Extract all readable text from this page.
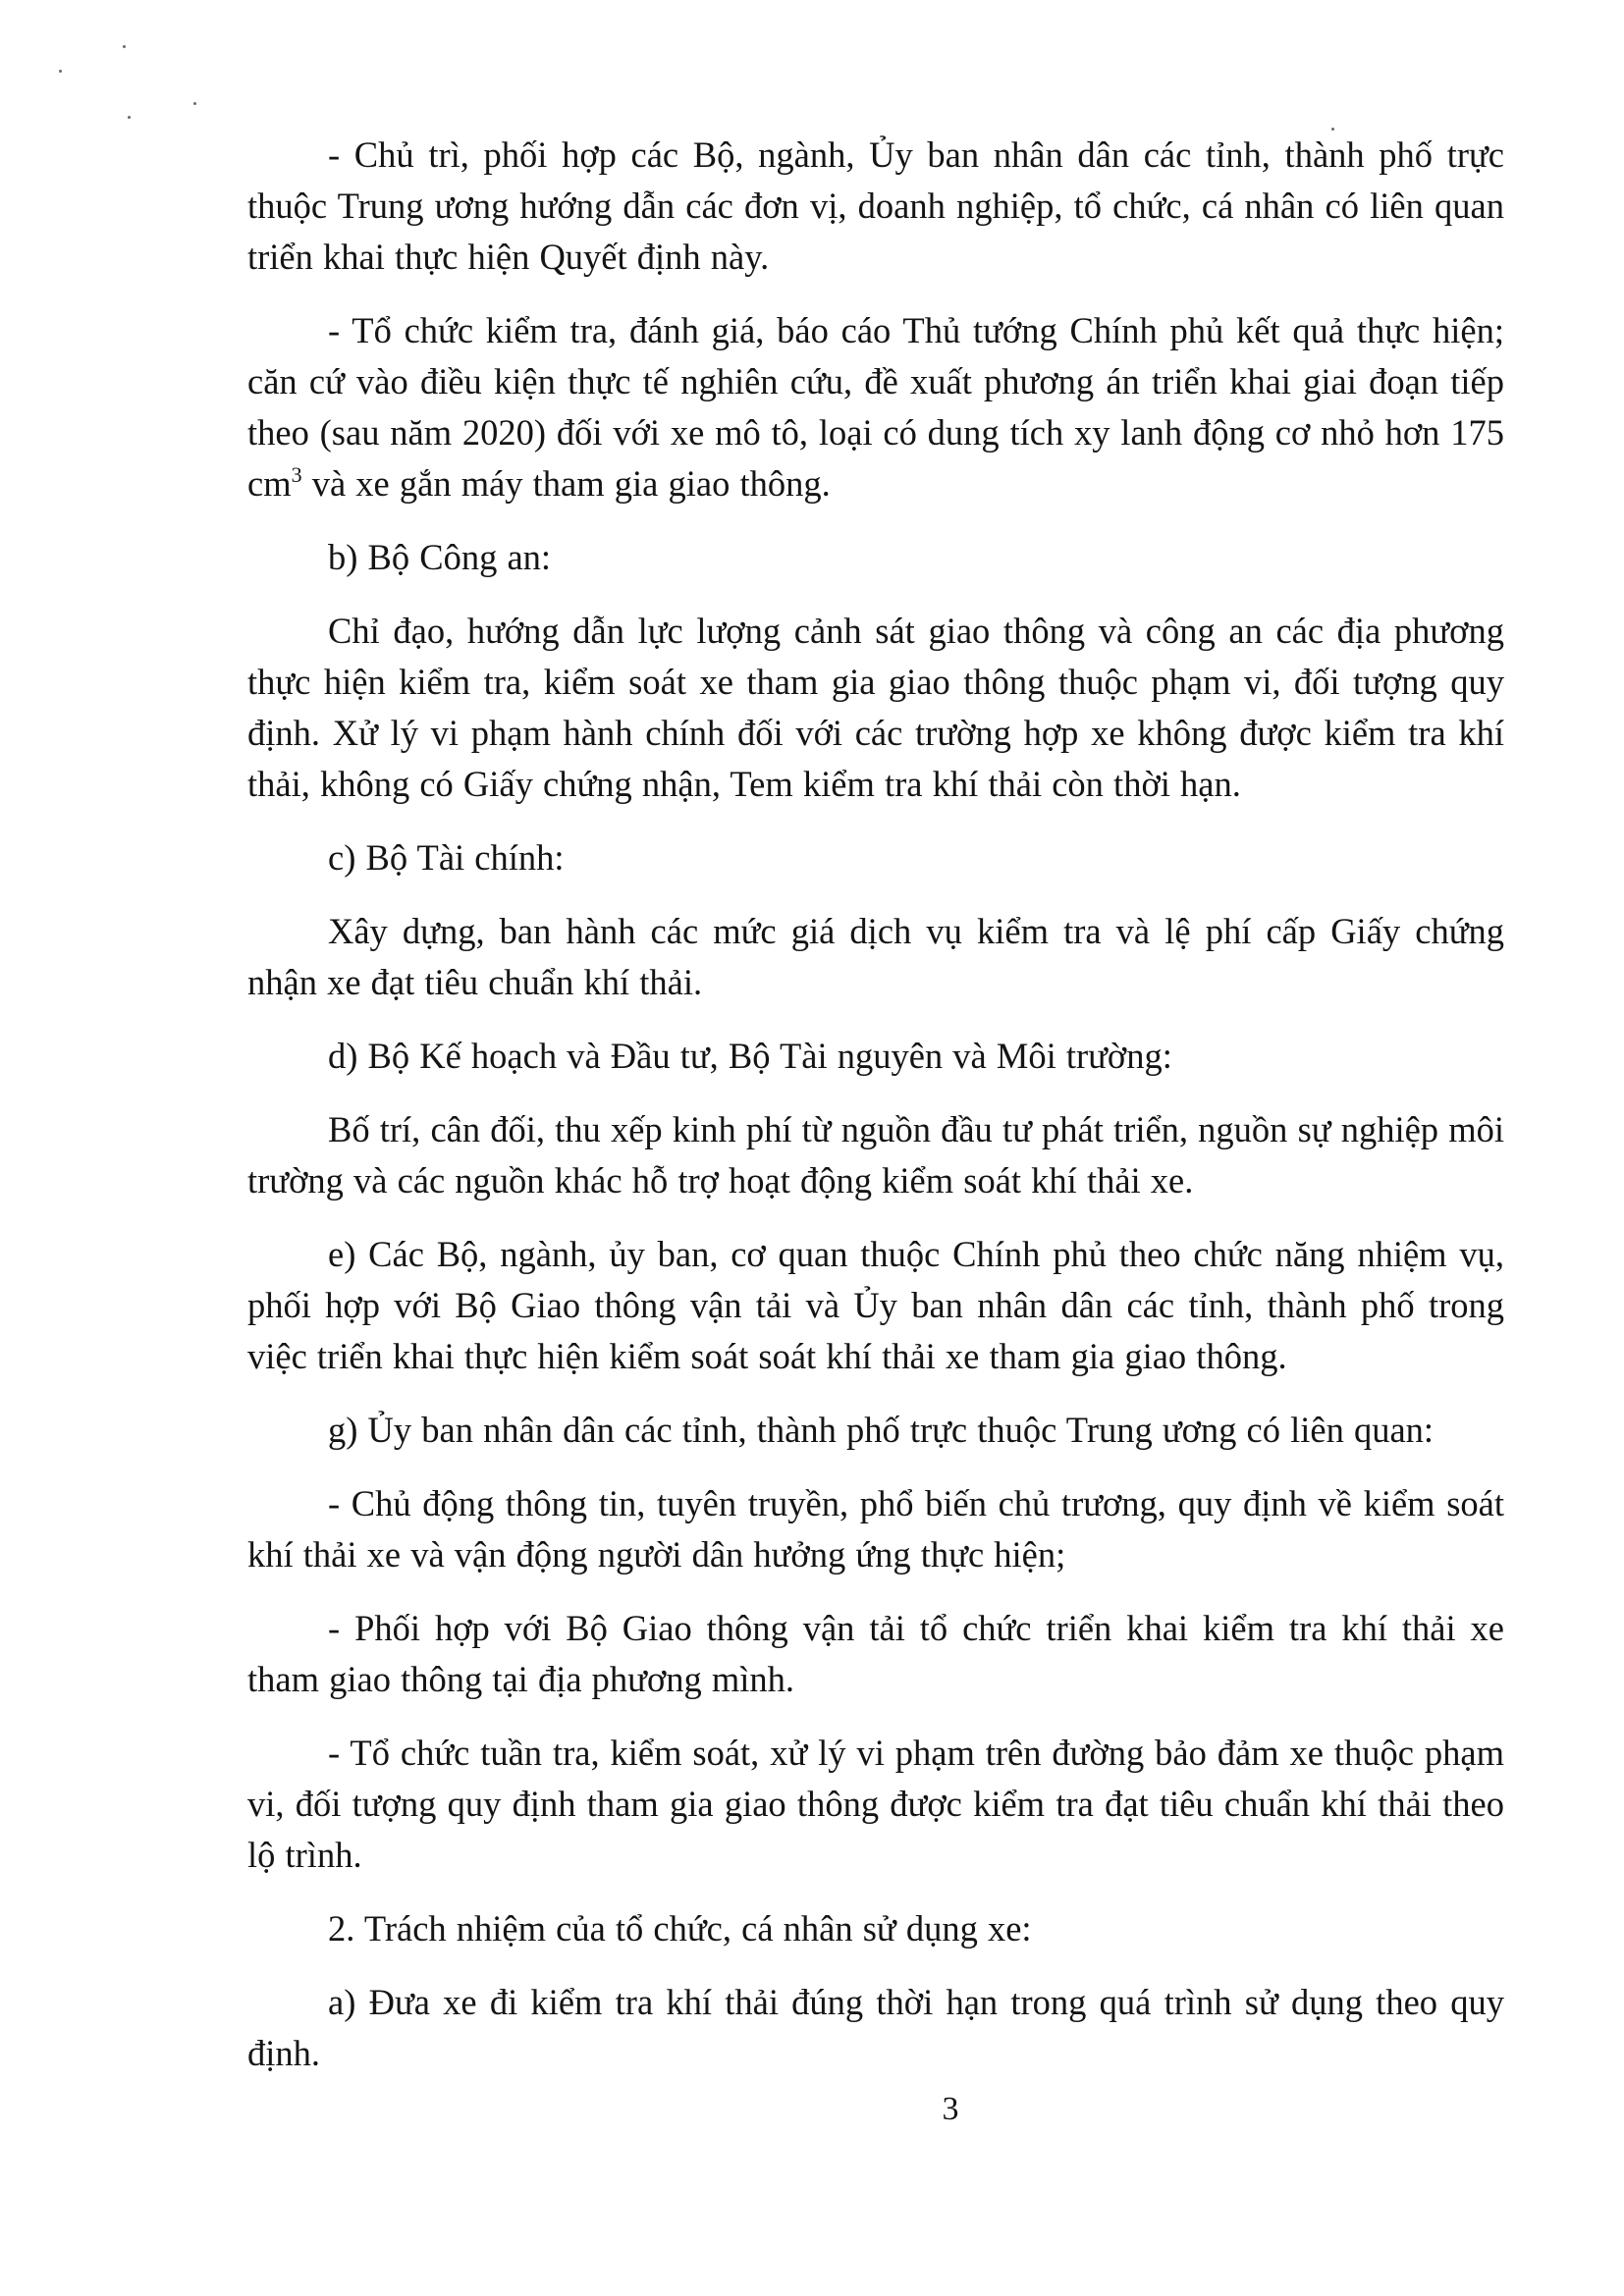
- Chủ trì, phối hợp các Bộ, ngành, Ủy ban nhân dân các tỉnh, thành phố trực thuộc Trung ương hướng dẫn các đơn vị, doanh nghiệp, tổ chức, cá nhân có liên quan triển khai thực hiện Quyết định này.

- Tổ chức kiểm tra, đánh giá, báo cáo Thủ tướng Chính phủ kết quả thực hiện; căn cứ vào điều kiện thực tế nghiên cứu, đề xuất phương án triển khai giai đoạn tiếp theo (sau năm 2020) đối với xe mô tô, loại có dung tích xy lanh động cơ nhỏ hơn 175 $cm^3$ và xe gắn máy tham gia giao thông.

b) Bộ Công an:

Chỉ đạo, hướng dẫn lực lượng cảnh sát giao thông và công an các địa phương thực hiện kiểm tra, kiểm soát xe tham gia giao thông thuộc phạm vi, đối tượng quy định. Xử lý vi phạm hành chính đối với các trường hợp xe không được kiểm tra khí thải, không có Giấy chứng nhận, Tem kiểm tra khí thải còn thời hạn.

c) Bộ Tài chính:

Xây dựng, ban hành các mức giá dịch vụ kiểm tra và lệ phí cấp Giấy chứng nhận xe đạt tiêu chuẩn khí thải.

d) Bộ Kế hoạch và Đầu tư, Bộ Tài nguyên và Môi trường:

Bố trí, cân đối, thu xếp kinh phí từ nguồn đầu tư phát triển, nguồn sự nghiệp môi trường và các nguồn khác hỗ trợ hoạt động kiểm soát khí thải xe.

e) Các Bộ, ngành, ủy ban, cơ quan thuộc Chính phủ theo chức năng nhiệm vụ, phối hợp với Bộ Giao thông vận tải và Ủy ban nhân dân các tỉnh, thành phố trong việc triển khai thực hiện kiểm soát soát khí thải xe tham gia giao thông.

g) Ủy ban nhân dân các tỉnh, thành phố trực thuộc Trung ương có liên quan:

- Chủ động thông tin, tuyên truyền, phổ biến chủ trương, quy định về kiểm soát khí thải xe và vận động người dân hưởng ứng thực hiện;

- Phối hợp với Bộ Giao thông vận tải tổ chức triển khai kiểm tra khí thải xe tham giao thông tại địa phương mình.

- Tổ chức tuần tra, kiểm soát, xử lý vi phạm trên đường bảo đảm xe thuộc phạm vi, đối tượng quy định tham gia giao thông được kiểm tra đạt tiêu chuẩn khí thải theo lộ trình.

2. Trách nhiệm của tổ chức, cá nhân sử dụng xe:

a) Đưa xe đi kiểm tra khí thải đúng thời hạn trong quá trình sử dụng theo quy định.

3
